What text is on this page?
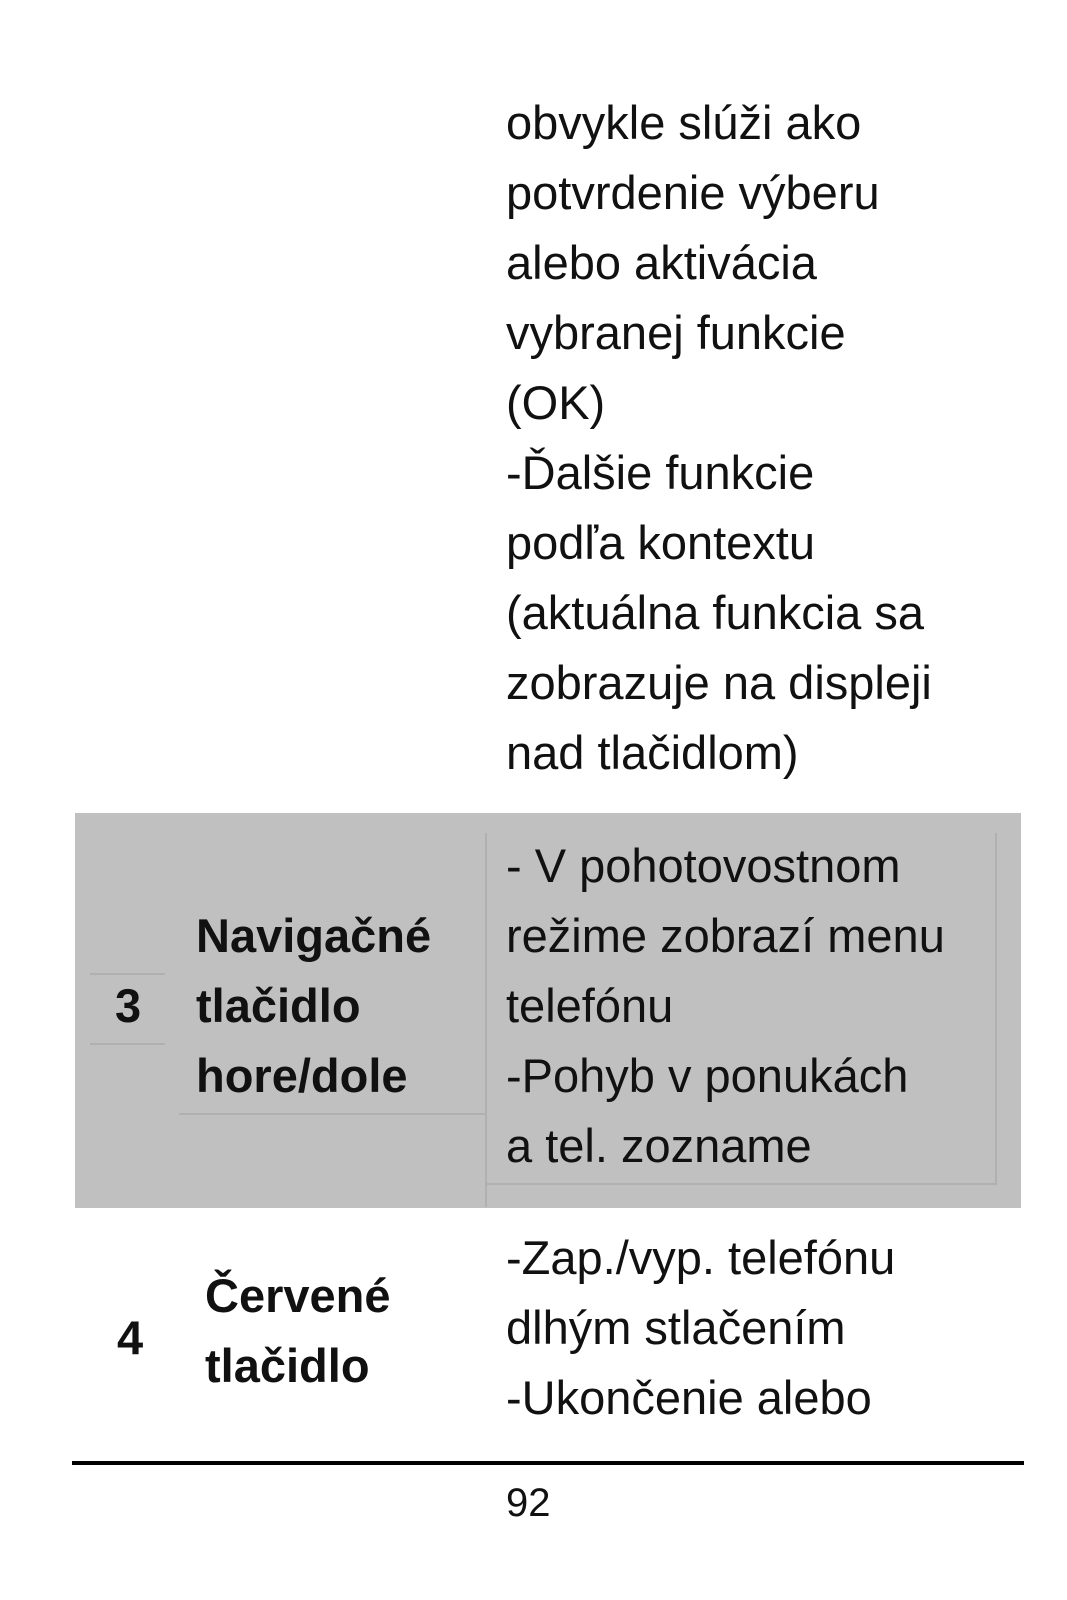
obvykle slúži ako
potvrdenie výberu
alebo aktivácia
vybranej funkcie
(OK)
-Ďalšie funkcie
podľa kontextu
(aktuálna funkcia sa
zobrazuje na displeji
nad tlačidlom)

3

Navigačné
tlačidlo
hore/dole

- V pohotovostnom
režime zobrazí menu
telefónu
-Pohyb v ponukách
a tel. zozname

4

Červené
tlačidlo

-Zap./vyp. telefónu
dlhým stlačením
-Ukončenie alebo

92
